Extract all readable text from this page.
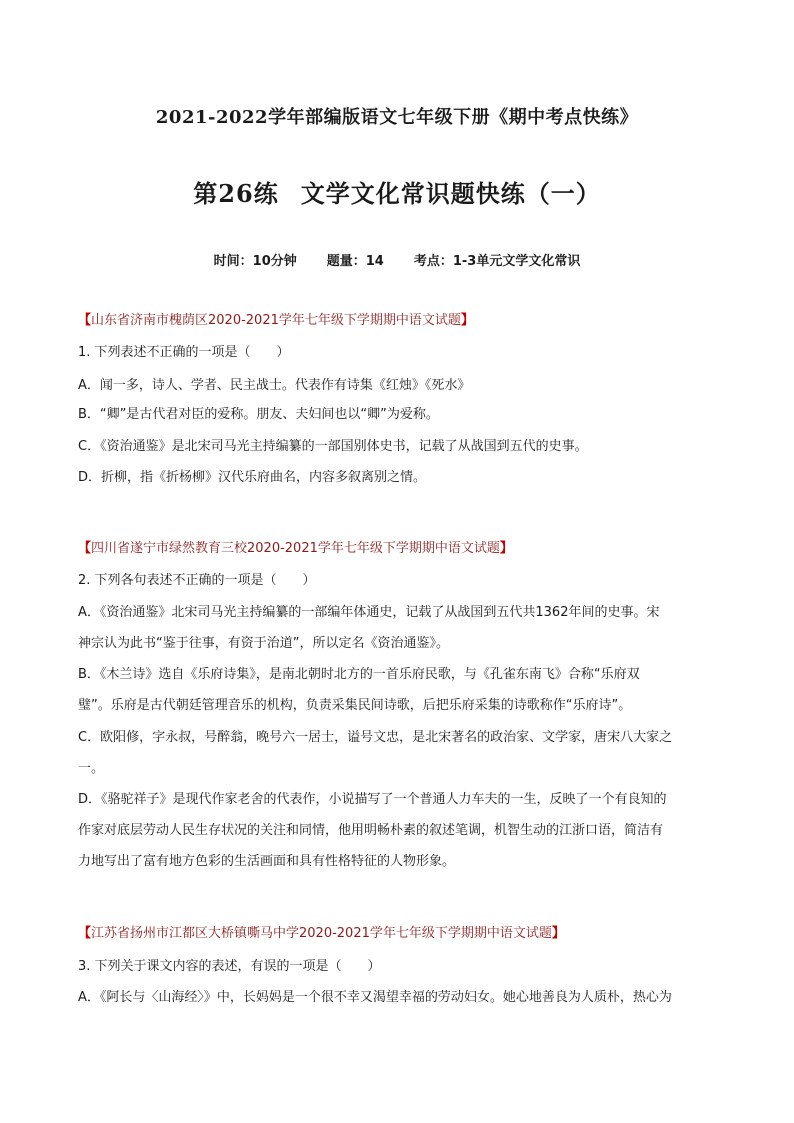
2021-2022学年部编版语文七年级下册《期中考点快练》
第26练 文学文化常识题快练（一）
时间：10分钟 题量：14 考点：1-3单元文学文化常识
【山东省济南市槐荫区2020-2021学年七年级下学期期中语文试题】
1. 下列表述不正确的一项是（　　）
A．闻一多，诗人、学者、民主战士。代表作有诗集《红烛》《死水》
B．“卿”是古代君对臣的爱称。朋友、夫妇间也以“卿”为爱称。
C．《资治通鉴》是北宋司马光主持编纂的一部国别体史书，记载了从战国到五代的史事。
D．折柳，指《折杨柳》汉代乐府曲名，内容多叙离别之情。
【四川省遂宁市绿然教育三校2020-2021学年七年级下学期期中语文试题】
2. 下列各句表述不正确的一项是（　　）
A．《资治通鉴》北宋司马光主持编纂的一部编年体通史，记载了从战国到五代共1362年间的史事。宋
神宗认为此书“鉴于往事，有资于治道”，所以定名《资治通鉴》。
B．《木兰诗》选自《乐府诗集》，是南北朝时北方的一首乐府民歌，与《孔雀东南飞》合称“乐府双
璧”。乐府是古代朝廷管理音乐的机构，负责采集民间诗歌，后把乐府采集的诗歌称作“乐府诗”。
C．欧阳修，字永叔，号醉翁，晚号六一居士，谥号文忠，是北宋著名的政治家、文学家，唐宋八大家之
一。
D．《骆驼祥子》是现代作家老舍的代表作，小说描写了一个普通人力车夫的一生，反映了一个有良知的
作家对底层劳动人民生存状况的关注和同情，他用明畅朴素的叙述笔调，机智生动的江浙口语，简洁有
力地写出了富有地方色彩的生活画面和具有性格特征的人物形象。
【江苏省扬州市江都区大桥镇嘶马中学2020-2021学年七年级下学期期中语文试题】
3. 下列关于课文内容的表述，有误的一项是（　　）
A．《阿长与〈山海经〉》中，长妈妈是一个很不幸又渴望幸福的劳动妇女。她心地善良为人质朴，热心为
